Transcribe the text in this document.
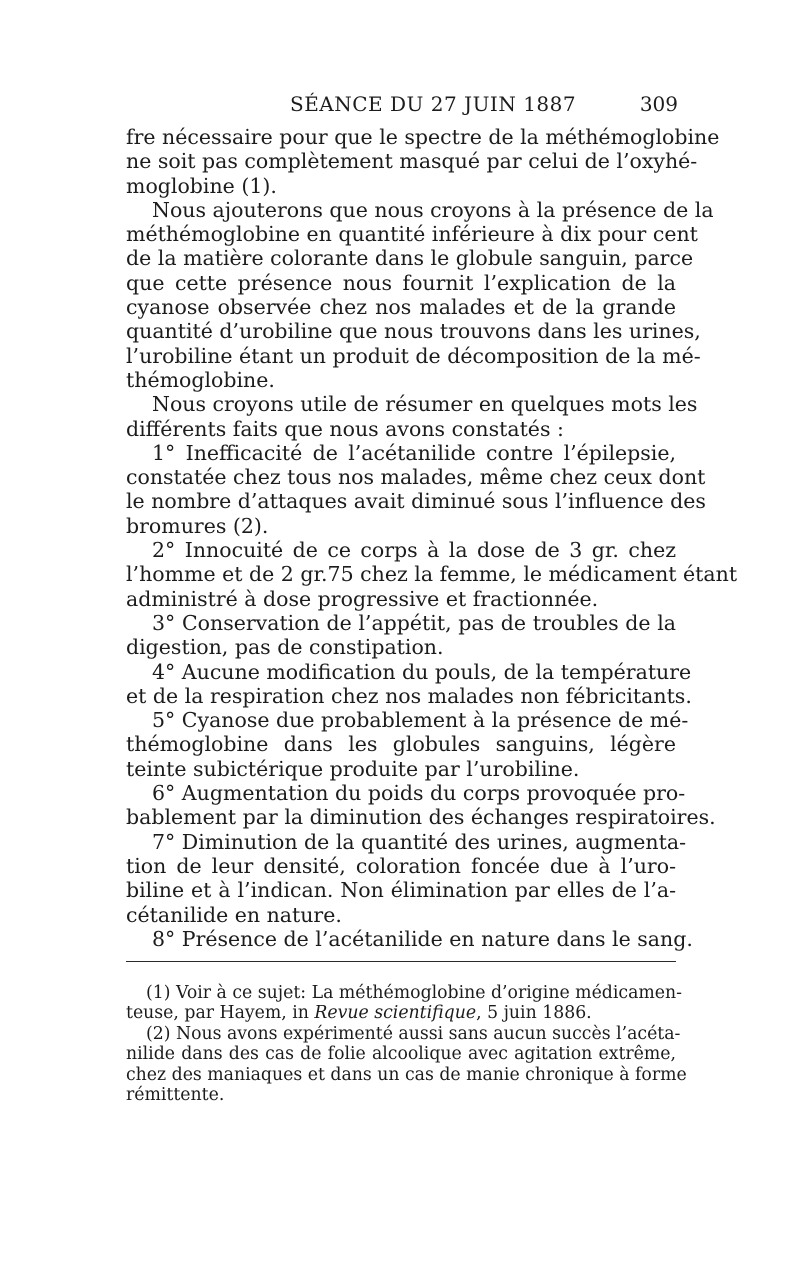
SÉANCE DU 27 JUIN 1887	309
fre nécessaire pour que le spectre de la méthémoglobine
ne soit pas complètement masqué par celui de l’oxyhé-
moglobine (1).
Nous ajouterons que nous croyons à la présence de la
méthémoglobine en quantité inférieure à dix pour cent
de la matière colorante dans le globule sanguin, parce
que cette présence nous fournit l’explication de la
cyanose observée chez nos malades et de la grande
quantité d’urobiline que nous trouvons dans les urines,
l’urobiline étant un produit de décomposition de la mé-
thémoglobine.
Nous croyons utile de résumer en quelques mots les
différents faits que nous avons constatés :
1° Inefficacité de l’acétanilide contre l’épilepsie,
constatée chez tous nos malades, même chez ceux dont
le nombre d’attaques avait diminué sous l’influence des
bromures (2).
2° Innocuité de ce corps à la dose de 3 gr. chez
l’homme et de 2 gr.75 chez la femme, le médicament étant
administré à dose progressive et fractionnée.
3° Conservation de l’appétit, pas de troubles de la
digestion, pas de constipation.
4° Aucune modification du pouls, de la température
et de la respiration chez nos malades non fébricitants.
5° Cyanose due probablement à la présence de mé-
thémoglobine dans les globules sanguins, légère
teinte subictérique produite par l’urobiline.
6° Augmentation du poids du corps provoquée pro-
bablement par la diminution des échanges respiratoires.
7° Diminution de la quantité des urines, augmenta-
tion de leur densité, coloration foncée due à l’uro-
biline et à l’indican. Non élimination par elles de l’a-
cétanilide en nature.
8° Présence de l’acétanilide en nature dans le sang.
(1) Voir à ce sujet: La méthémoglobine d’origine médicamen-
teuse, par Hayem, in Revue scientifique, 5 juin 1886.
(2) Nous avons expérimenté aussi sans aucun succès l’acéta-
nilide dans des cas de folie alcoolique avec agitation extrême,
chez des maniaques et dans un cas de manie chronique à forme
rémittente.
